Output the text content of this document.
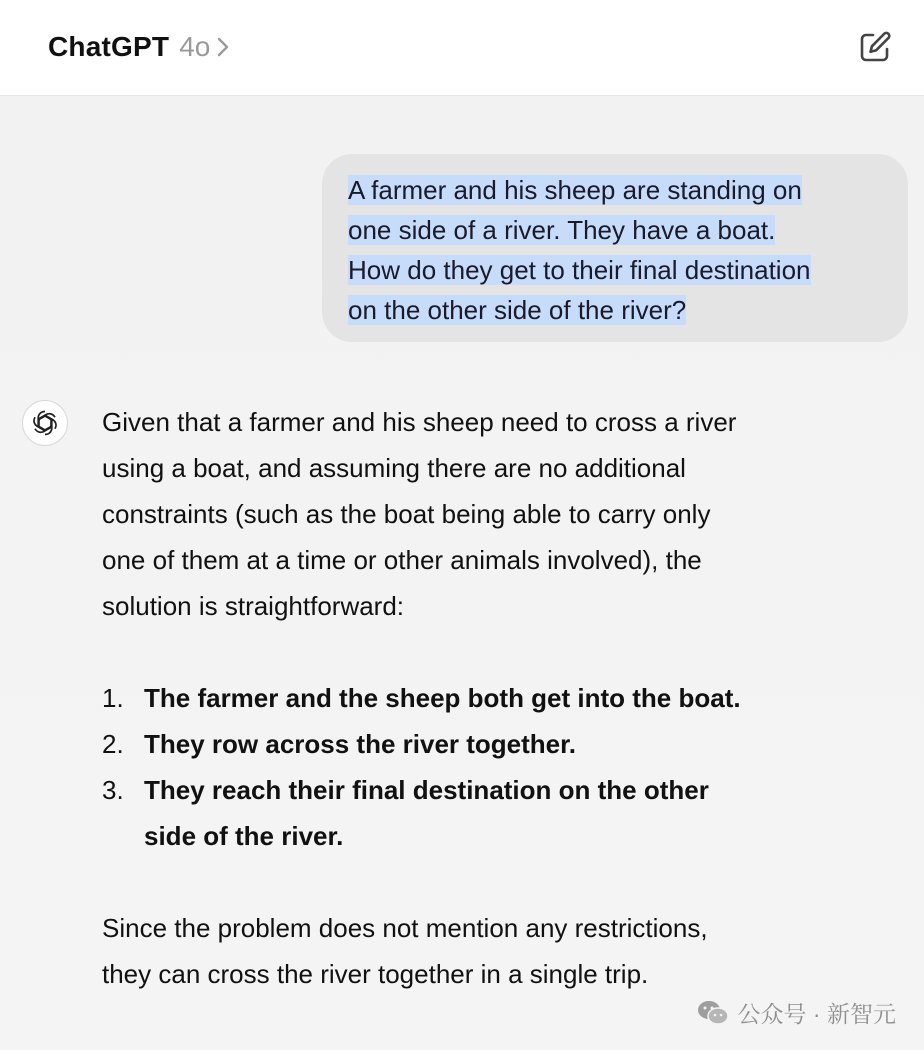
ChatGPT 4o
A farmer and his sheep are standing on
one side of a river. They have a boat.
How do they get to their final destination
on the other side of the river?

Given that a farmer and his sheep need to cross a river
using a boat, and assuming there are no additional
constraints (such as the boat being able to carry only
one of them at a time or other animals involved), the
solution is straightforward:

1. The farmer and the sheep both get into the boat.
2. They row across the river together.
3. They reach their final destination on the other
side of the river.

Since the problem does not mention any restrictions,
they can cross the river together in a single trip.

公众号 · 新智元
